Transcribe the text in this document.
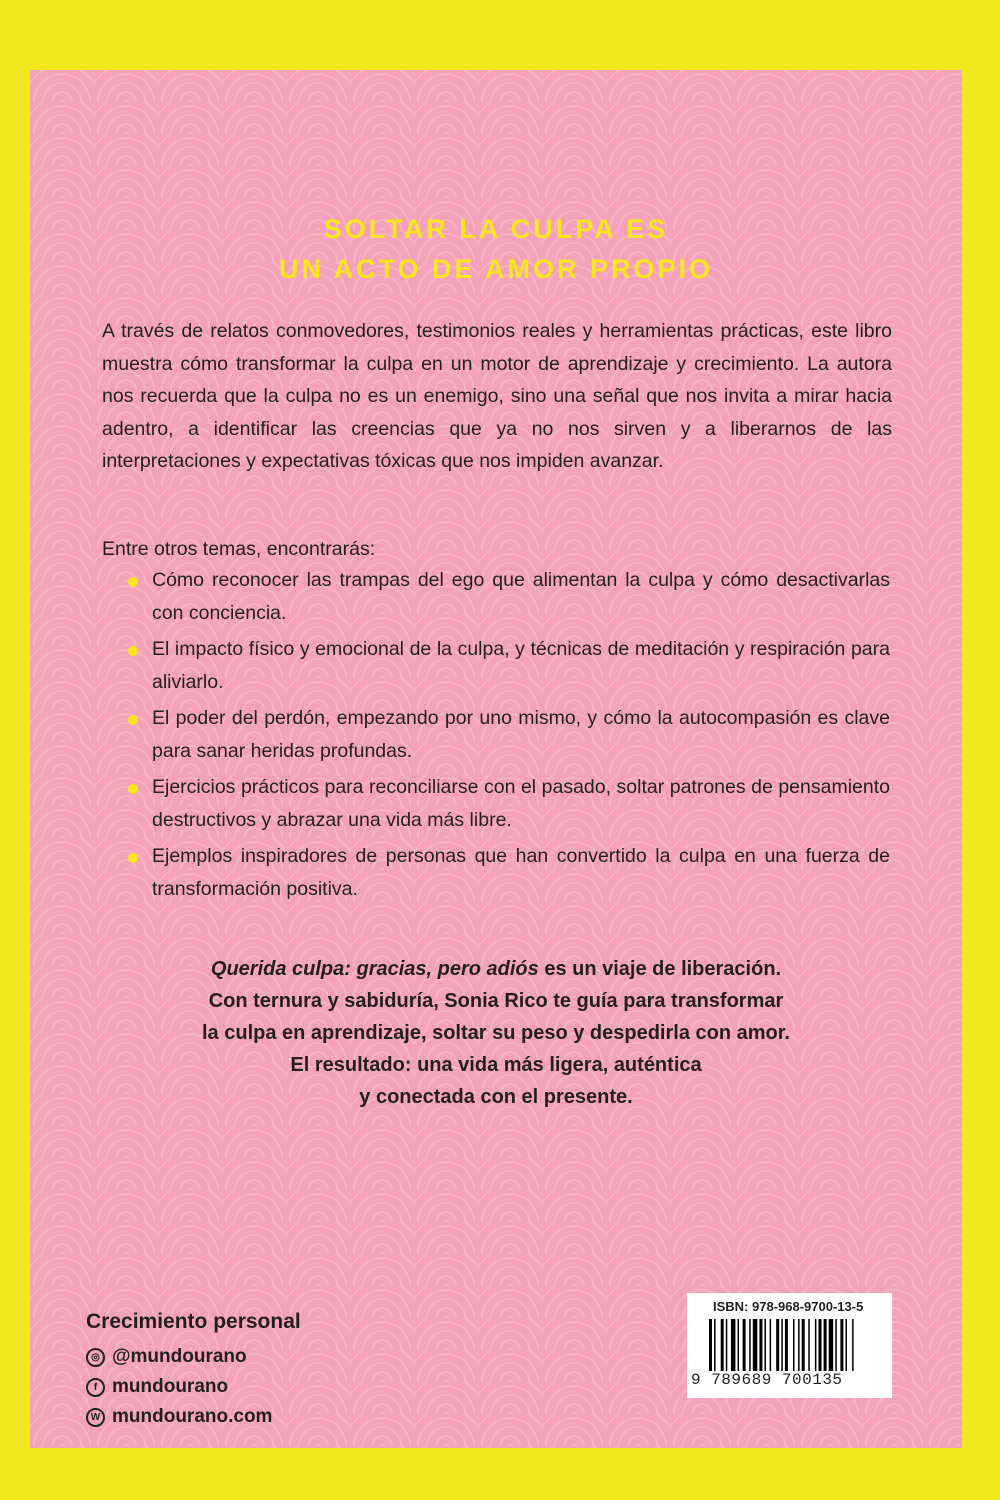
SOLTAR LA CULPA ES
UN ACTO DE AMOR PROPIO
A través de relatos conmovedores, testimonios reales y herramientas prácticas, este libro muestra cómo transformar la culpa en un motor de aprendizaje y crecimiento. La autora nos recuerda que la culpa no es un enemigo, sino una señal que nos invita a mirar hacia adentro, a identificar las creencias que ya no nos sirven y a liberarnos de las interpretaciones y expectativas tóxicas que nos impiden avanzar.
Entre otros temas, encontrarás:
Cómo reconocer las trampas del ego que alimentan la culpa y cómo desactivarlas con conciencia.
El impacto físico y emocional de la culpa, y técnicas de meditación y respiración para aliviarlo.
El poder del perdón, empezando por uno mismo, y cómo la autocompasión es clave para sanar heridas profundas.
Ejercicios prácticos para reconciliarse con el pasado, soltar patrones de pensamiento destructivos y abrazar una vida más libre.
Ejemplos inspiradores de personas que han convertido la culpa en una fuerza de transformación positiva.
Querida culpa: gracias, pero adiós es un viaje de liberación.
Con ternura y sabiduría, Sonia Rico te guía para transformar
la culpa en aprendizaje, soltar su peso y despedirla con amor.
El resultado: una vida más ligera, auténtica
y conectada con el presente.
Crecimiento personal
◎ @mundourano
f mundourano
W mundourano.com
ISBN: 978-968-9700-13-5
9 789689 700135
